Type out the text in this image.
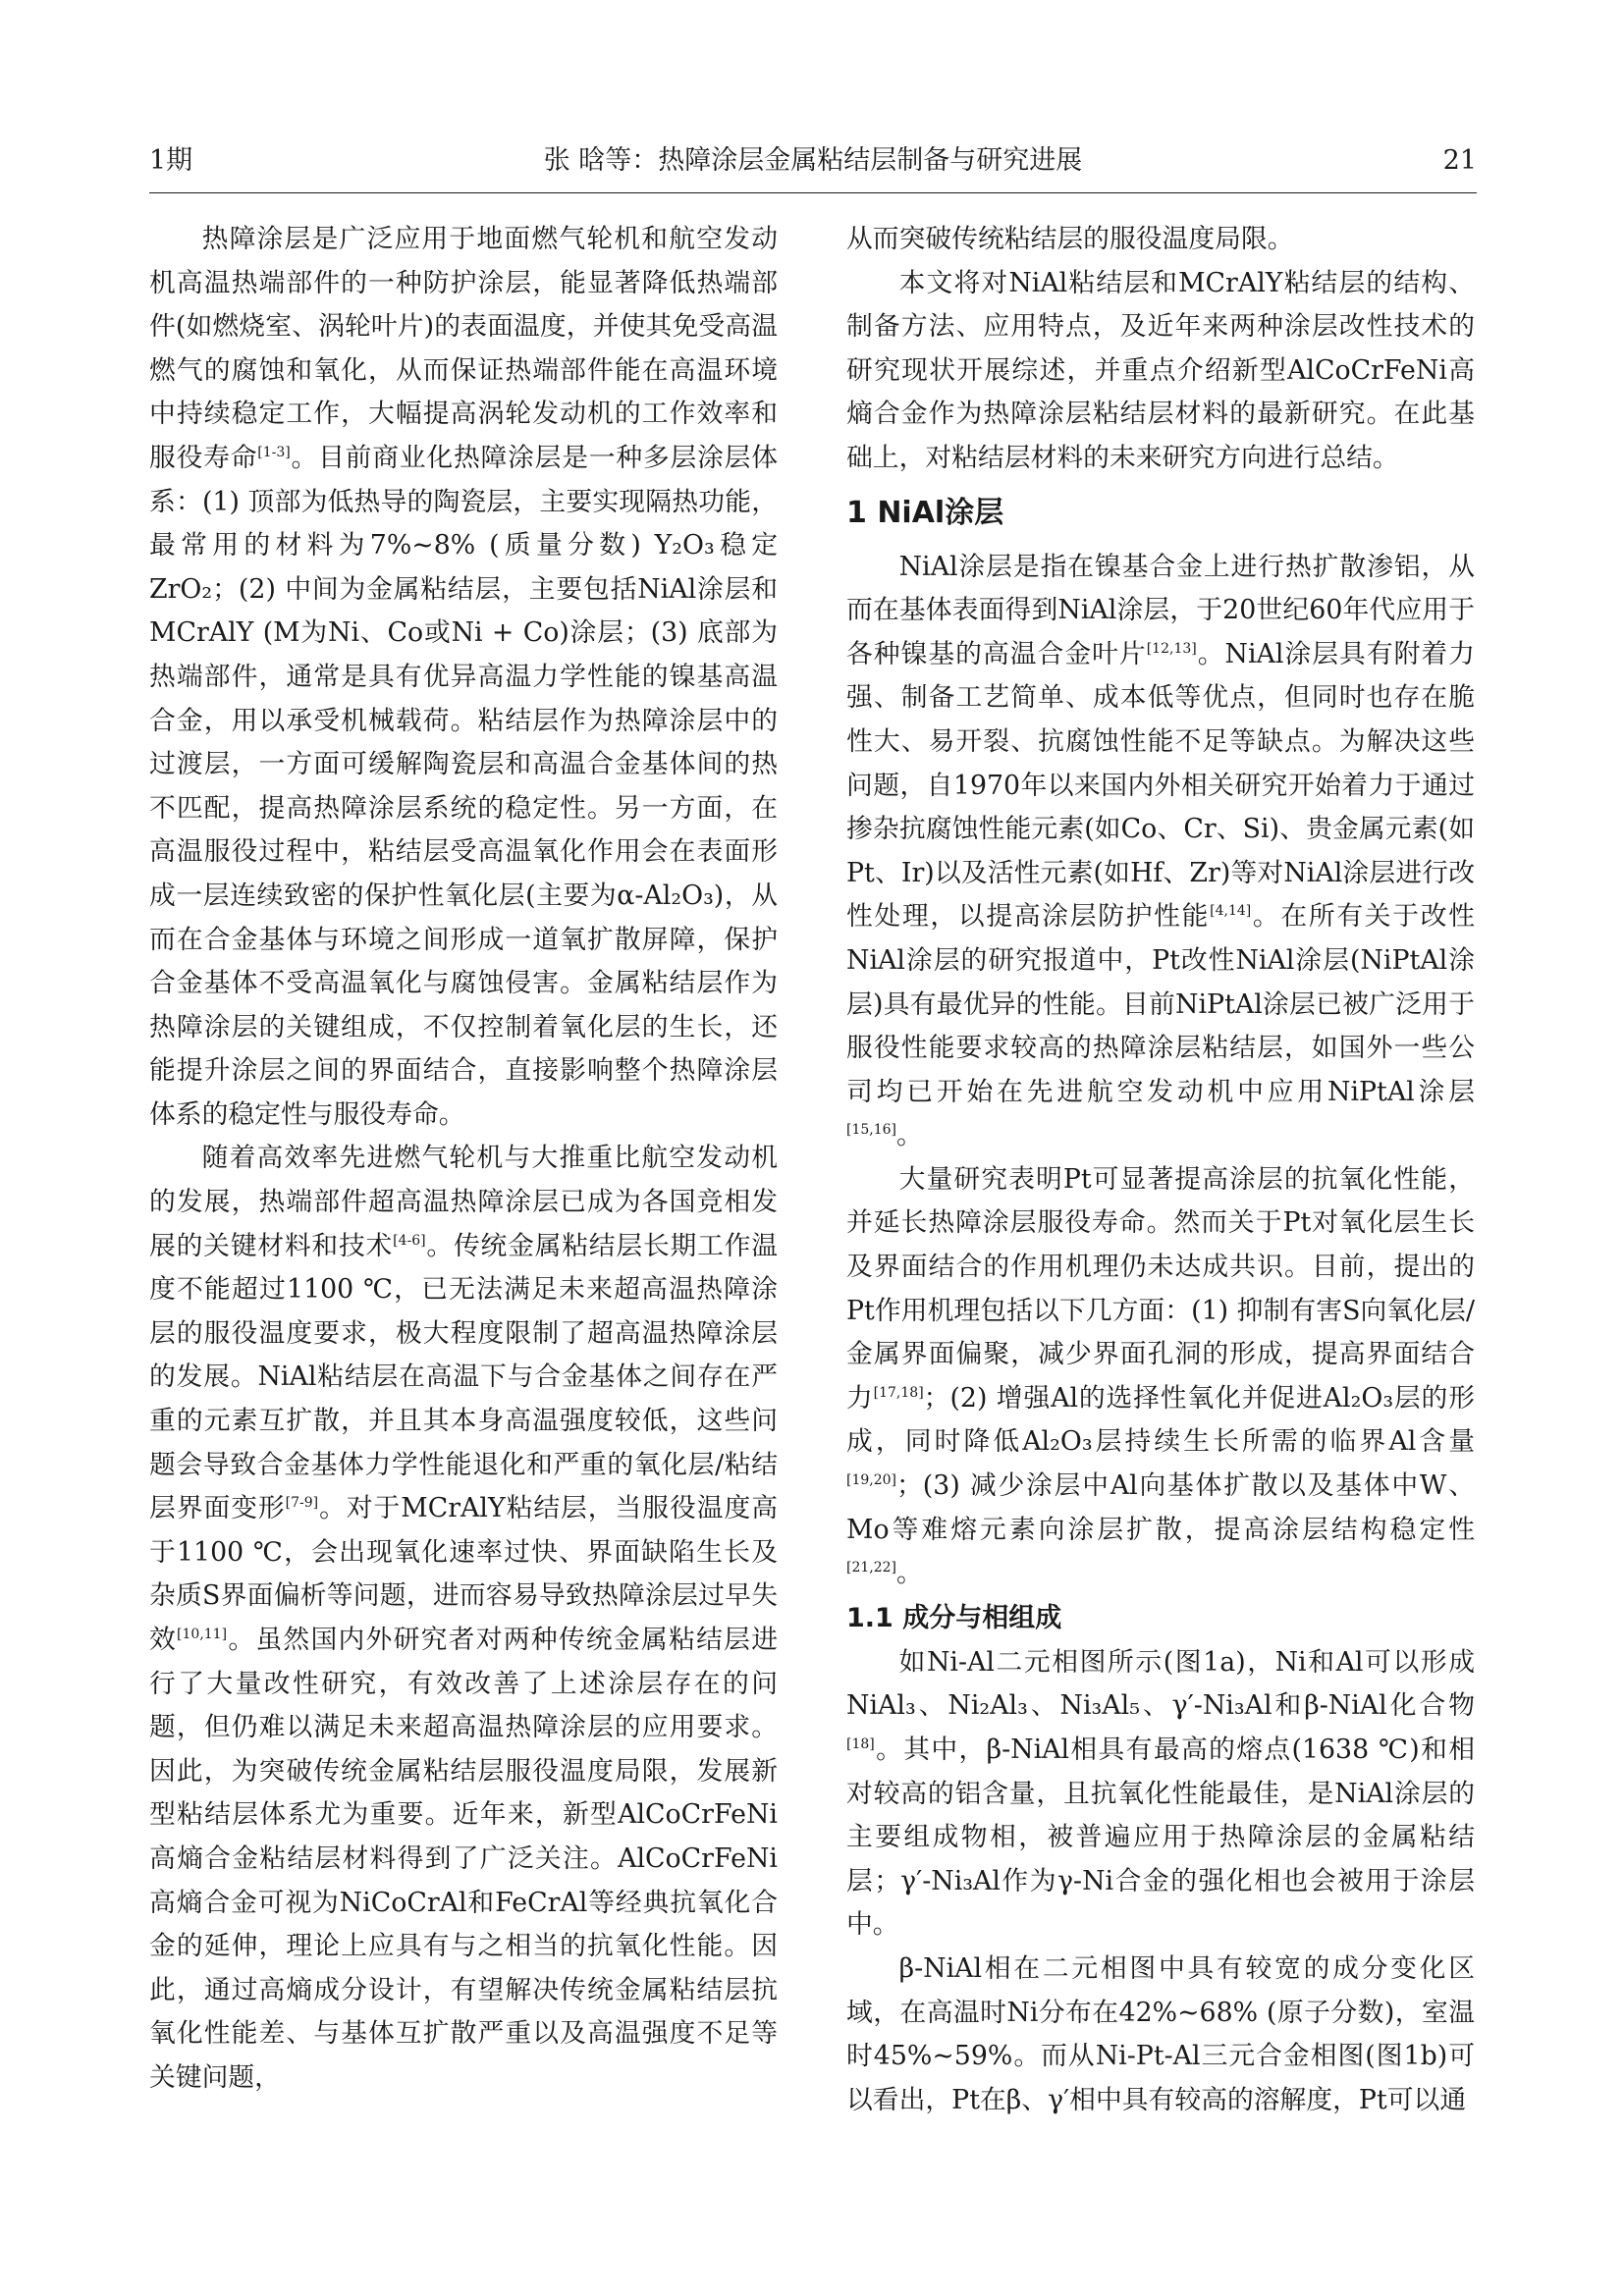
1期	张 晗等：热障涂层金属粘结层制备与研究进展	21

热障涂层是广泛应用于地面燃气轮机和航空发动机高温热端部件的一种防护涂层，能显著降低热端部件(如燃烧室、涡轮叶片)的表面温度，并使其免受高温燃气的腐蚀和氧化，从而保证热端部件能在高温环境中持续稳定工作，大幅提高涡轮发动机的工作效率和服役寿命[1-3]。目前商业化热障涂层是一种多层涂层体系：(1) 顶部为低热导的陶瓷层，主要实现隔热功能，最常用的材料为7%~8% (质量分数) Y₂O₃稳定ZrO₂；(2) 中间为金属粘结层，主要包括NiAl涂层和MCrAlY (M为Ni、Co或Ni + Co)涂层；(3) 底部为热端部件，通常是具有优异高温力学性能的镍基高温合金，用以承受机械载荷。粘结层作为热障涂层中的过渡层，一方面可缓解陶瓷层和高温合金基体间的热不匹配，提高热障涂层系统的稳定性。另一方面，在高温服役过程中，粘结层受高温氧化作用会在表面形成一层连续致密的保护性氧化层(主要为α-Al₂O₃)，从而在合金基体与环境之间形成一道氧扩散屏障，保护合金基体不受高温氧化与腐蚀侵害。金属粘结层作为热障涂层的关键组成，不仅控制着氧化层的生长，还能提升涂层之间的界面结合，直接影响整个热障涂层体系的稳定性与服役寿命。

随着高效率先进燃气轮机与大推重比航空发动机的发展，热端部件超高温热障涂层已成为各国竞相发展的关键材料和技术[4-6]。传统金属粘结层长期工作温度不能超过1100 ℃，已无法满足未来超高温热障涂层的服役温度要求，极大程度限制了超高温热障涂层的发展。NiAl粘结层在高温下与合金基体之间存在严重的元素互扩散，并且其本身高温强度较低，这些问题会导致合金基体力学性能退化和严重的氧化层/粘结层界面变形[7-9]。对于MCrAlY粘结层，当服役温度高于1100 ℃，会出现氧化速率过快、界面缺陷生长及杂质S界面偏析等问题，进而容易导致热障涂层过早失效[10,11]。虽然国内外研究者对两种传统金属粘结层进行了大量改性研究，有效改善了上述涂层存在的问题，但仍难以满足未来超高温热障涂层的应用要求。因此，为突破传统金属粘结层服役温度局限，发展新型粘结层体系尤为重要。近年来，新型AlCoCrFeNi高熵合金粘结层材料得到了广泛关注。AlCoCrFeNi高熵合金可视为NiCoCrAl和FeCrAl等经典抗氧化合金的延伸，理论上应具有与之相当的抗氧化性能。因此，通过高熵成分设计，有望解决传统金属粘结层抗氧化性能差、与基体互扩散严重以及高温强度不足等关键问题，

从而突破传统粘结层的服役温度局限。

本文将对NiAl粘结层和MCrAlY粘结层的结构、制备方法、应用特点，及近年来两种涂层改性技术的研究现状开展综述，并重点介绍新型AlCoCrFeNi高熵合金作为热障涂层粘结层材料的最新研究。在此基础上，对粘结层材料的未来研究方向进行总结。

1 NiAl涂层

NiAl涂层是指在镍基合金上进行热扩散渗铝，从而在基体表面得到NiAl涂层，于20世纪60年代应用于各种镍基的高温合金叶片[12,13]。NiAl涂层具有附着力强、制备工艺简单、成本低等优点，但同时也存在脆性大、易开裂、抗腐蚀性能不足等缺点。为解决这些问题，自1970年以来国内外相关研究开始着力于通过掺杂抗腐蚀性能元素(如Co、Cr、Si)、贵金属元素(如Pt、Ir)以及活性元素(如Hf、Zr)等对NiAl涂层进行改性处理，以提高涂层防护性能[4,14]。在所有关于改性NiAl涂层的研究报道中，Pt改性NiAl涂层(NiPtAl涂层)具有最优异的性能。目前NiPtAl涂层已被广泛用于服役性能要求较高的热障涂层粘结层，如国外一些公司均已开始在先进航空发动机中应用NiPtAl涂层[15,16]。

大量研究表明Pt可显著提高涂层的抗氧化性能，并延长热障涂层服役寿命。然而关于Pt对氧化层生长及界面结合的作用机理仍未达成共识。目前，提出的Pt作用机理包括以下几方面：(1) 抑制有害S向氧化层/金属界面偏聚，减少界面孔洞的形成，提高界面结合力[17,18]；(2) 增强Al的选择性氧化并促进Al₂O₃层的形成，同时降低Al₂O₃层持续生长所需的临界Al含量[19,20]；(3) 减少涂层中Al向基体扩散以及基体中W、Mo等难熔元素向涂层扩散，提高涂层结构稳定性[21,22]。

1.1 成分与相组成

如Ni-Al二元相图所示(图1a)，Ni和Al可以形成NiAl₃、Ni₂Al₃、Ni₃Al₅、γ′-Ni₃Al和β-NiAl化合物[18]。其中，β-NiAl相具有最高的熔点(1638 ℃)和相对较高的铝含量，且抗氧化性能最佳，是NiAl涂层的主要组成物相，被普遍应用于热障涂层的金属粘结层；γ′-Ni₃Al作为γ-Ni合金的强化相也会被用于涂层中。

β-NiAl相在二元相图中具有较宽的成分变化区域，在高温时Ni分布在42%~68% (原子分数)，室温时45%~59%。而从Ni-Pt-Al三元合金相图(图1b)可以看出，Pt在β、γ′相中具有较高的溶解度，Pt可以通
